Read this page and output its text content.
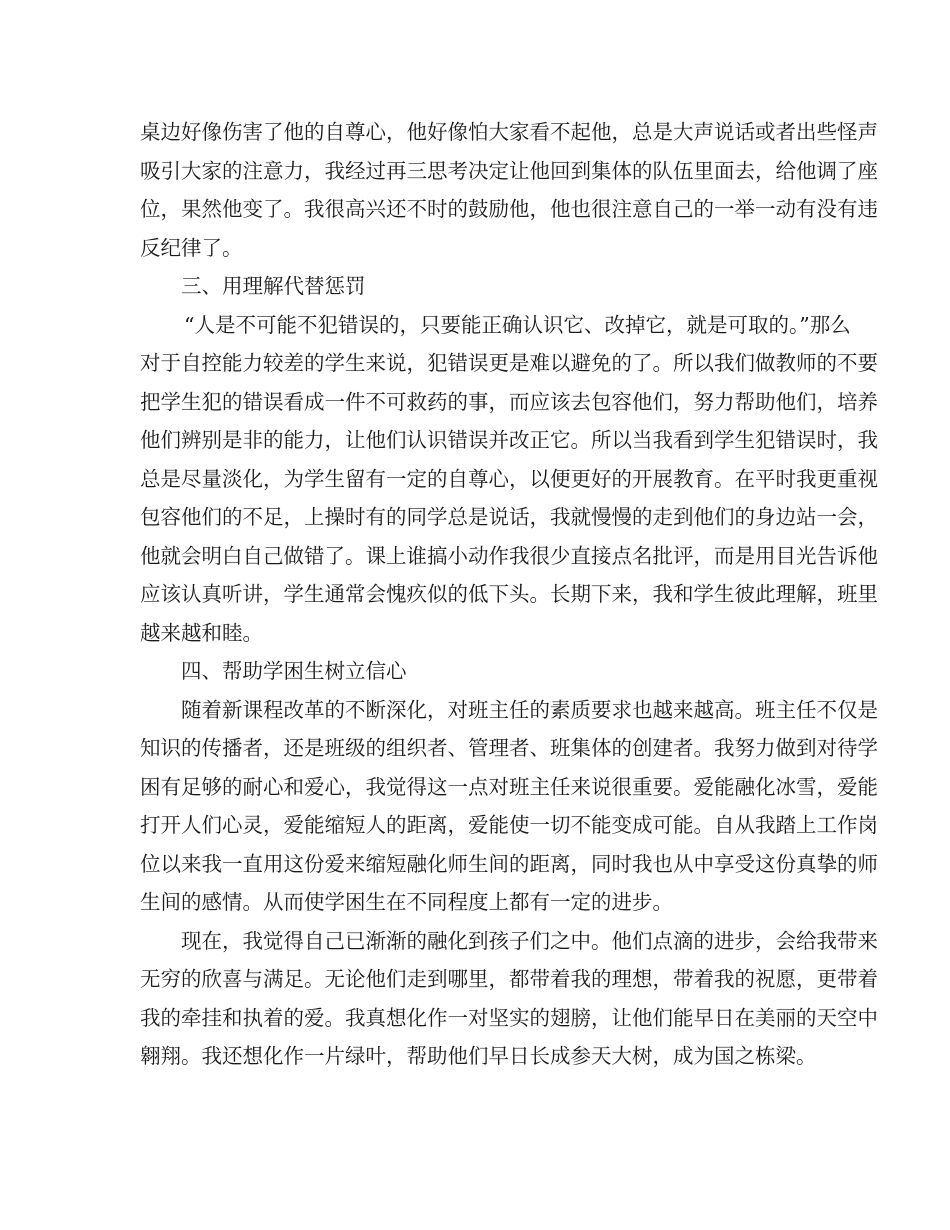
桌边好像伤害了他的自尊心，他好像怕大家看不起他，总是大声说话或者出些怪声
吸引大家的注意力，我经过再三思考决定让他回到集体的队伍里面去，给他调了座
位，果然他变了。我很高兴还不时的鼓励他，他也很注意自己的一举一动有没有违
反纪律了。
三、用理解代替惩罚
“人是不可能不犯错误的，只要能正确认识它、改掉它，就是可取的。”那么
对于自控能力较差的学生来说，犯错误更是难以避免的了。所以我们做教师的不要
把学生犯的错误看成一件不可救药的事，而应该去包容他们，努力帮助他们，培养
他们辨别是非的能力，让他们认识错误并改正它。所以当我看到学生犯错误时，我
总是尽量淡化，为学生留有一定的自尊心，以便更好的开展教育。在平时我更重视
包容他们的不足，上操时有的同学总是说话，我就慢慢的走到他们的身边站一会，
他就会明白自己做错了。课上谁搞小动作我很少直接点名批评，而是用目光告诉他
应该认真听讲，学生通常会愧疚似的低下头。长期下来，我和学生彼此理解，班里
越来越和睦。
四、帮助学困生树立信心
随着新课程改革的不断深化，对班主任的素质要求也越来越高。班主任不仅是
知识的传播者，还是班级的组织者、管理者、班集体的创建者。我努力做到对待学
困有足够的耐心和爱心，我觉得这一点对班主任来说很重要。爱能融化冰雪，爱能
打开人们心灵，爱能缩短人的距离，爱能使一切不能变成可能。自从我踏上工作岗
位以来我一直用这份爱来缩短融化师生间的距离，同时我也从中享受这份真挚的师
生间的感情。从而使学困生在不同程度上都有一定的进步。
现在，我觉得自己已渐渐的融化到孩子们之中。他们点滴的进步，会给我带来
无穷的欣喜与满足。无论他们走到哪里，都带着我的理想，带着我的祝愿，更带着
我的牵挂和执着的爱。我真想化作一对坚实的翅膀，让他们能早日在美丽的天空中
翱翔。我还想化作一片绿叶，帮助他们早日长成参天大树，成为国之栋梁。
